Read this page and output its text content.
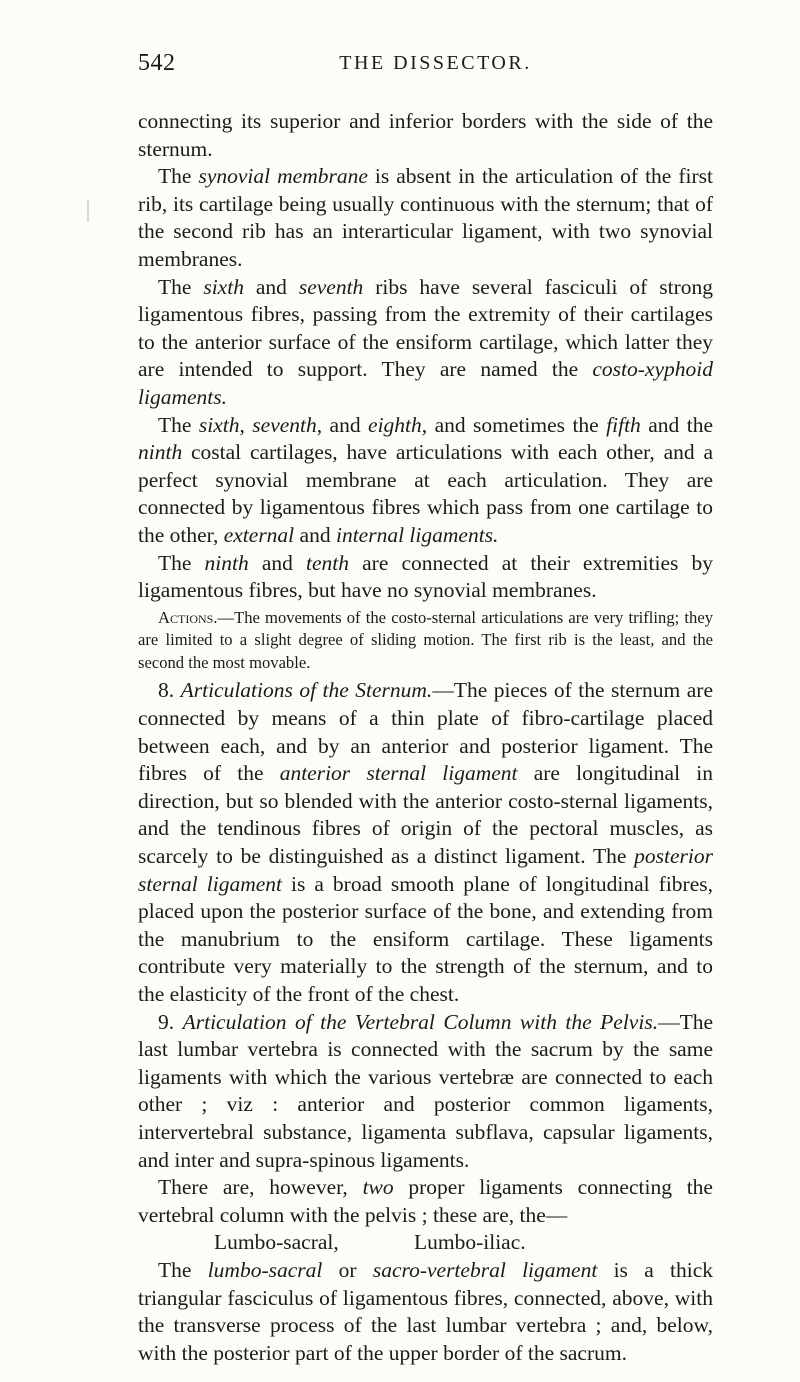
542	THE DISSECTOR.

connecting its superior and inferior borders with the side of the sternum.

The synovial membrane is absent in the articulation of the first rib, its cartilage being usually continuous with the sternum; that of the second rib has an interarticular ligament, with two synovial membranes.

The sixth and seventh ribs have several fasciculi of strong ligamentous fibres, passing from the extremity of their cartilages to the anterior surface of the ensiform cartilage, which latter they are intended to support. They are named the costo-xyphoid ligaments.

The sixth, seventh, and eighth, and sometimes the fifth and the ninth costal cartilages, have articulations with each other, and a perfect synovial membrane at each articulation. They are connected by ligamentous fibres which pass from one cartilage to the other, external and internal ligaments.

The ninth and tenth are connected at their extremities by ligamentous fibres, but have no synovial membranes.

Actions.—The movements of the costo-sternal articulations are very trifling; they are limited to a slight degree of sliding motion. The first rib is the least, and the second the most movable.

8. Articulations of the Sternum.—The pieces of the sternum are connected by means of a thin plate of fibro-cartilage placed between each, and by an anterior and posterior ligament. The fibres of the anterior sternal ligament are longitudinal in direction, but so blended with the anterior costo-sternal ligaments, and the tendinous fibres of origin of the pectoral muscles, as scarcely to be distinguished as a distinct ligament. The posterior sternal ligament is a broad smooth plane of longitudinal fibres, placed upon the posterior surface of the bone, and extending from the manubrium to the ensiform cartilage. These ligaments contribute very materially to the strength of the sternum, and to the elasticity of the front of the chest.

9. Articulation of the Vertebral Column with the Pelvis.—The last lumbar vertebra is connected with the sacrum by the same ligaments with which the various vertebræ are connected to each other ; viz : anterior and posterior common ligaments, intervertebral substance, ligamenta subflava, capsular ligaments, and inter and supra-spinous ligaments.

There are, however, two proper ligaments connecting the vertebral column with the pelvis ; these are, the—

Lumbo-sacral,	Lumbo-iliac.

The lumbo-sacral or sacro-vertebral ligament is a thick triangular fasciculus of ligamentous fibres, connected, above, with the transverse process of the last lumbar vertebra ; and, below, with the posterior part of the upper border of the sacrum.
